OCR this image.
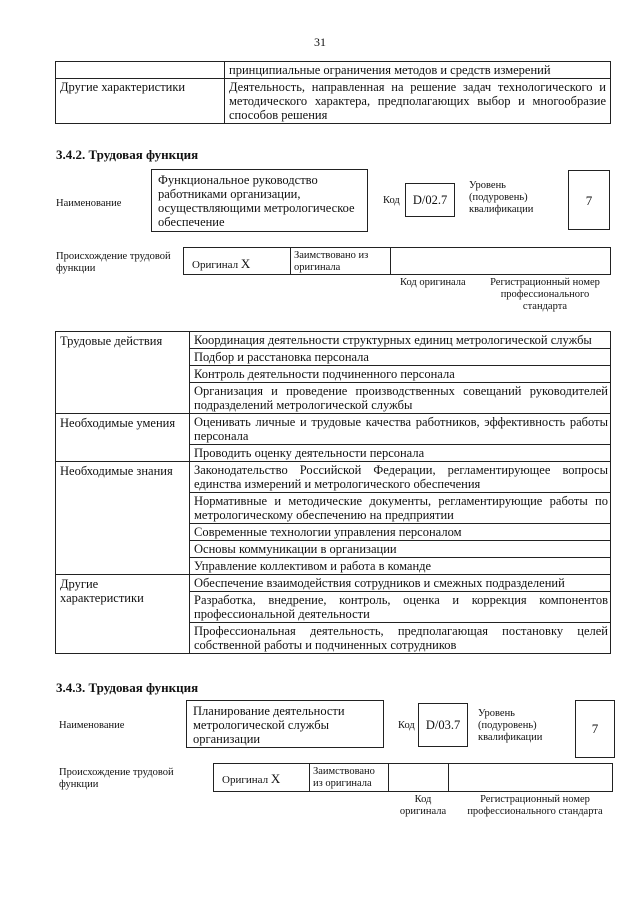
31
	принципиальные ограничения методов и средств измерений
Другие характеристики	Деятельность, направленная на решение задач технологического и методического характера, предполагающих выбор и многообразие способов решения
3.4.2. Трудовая функция
Наименование
Функциональное руководство работниками организации, осуществляющими метрологическое обеспечение
Код	D/02.7
Уровень (подуровень) квалификации
7
Происхождение трудовой функции	Оригинал X
Заимствовано из оригинала
Код оригинала	Регистрационный номер профессионального стандарта
Трудовые действия	Координация деятельности структурных единиц метрологической службы
	Подбор и расстановка персонала
	Контроль деятельности подчиненного персонала
	Организация и проведение производственных совещаний руководителей подразделений метрологической службы
Необходимые умения	Оценивать личные и трудовые качества работников, эффективность работы персонала
	Проводить оценку деятельности персонала
Необходимые знания	Законодательство Российской Федерации, регламентирующее вопросы единства измерений и метрологического обеспечения
	Нормативные и методические документы, регламентирующие работы по метрологическому обеспечению на предприятии
	Современные технологии управления персоналом
	Основы коммуникации в организации
	Управление коллективом и работа в команде
Другие характеристики	Обеспечение взаимодействия сотрудников и смежных подразделений
	Разработка, внедрение, контроль, оценка и коррекция компонентов профессиональной деятельности
	Профессиональная деятельность, предполагающая постановку целей собственной работы и подчиненных сотрудников
3.4.3. Трудовая функция
Наименование
Планирование деятельности метрологической службы организации
Код D/03.7
Уровень (подуровень) квалификации
7
Происхождение трудовой функции	Оригинал X	Заимствовано из оригинала
Код оригинала
Регистрационный номер профессионального стандарта
